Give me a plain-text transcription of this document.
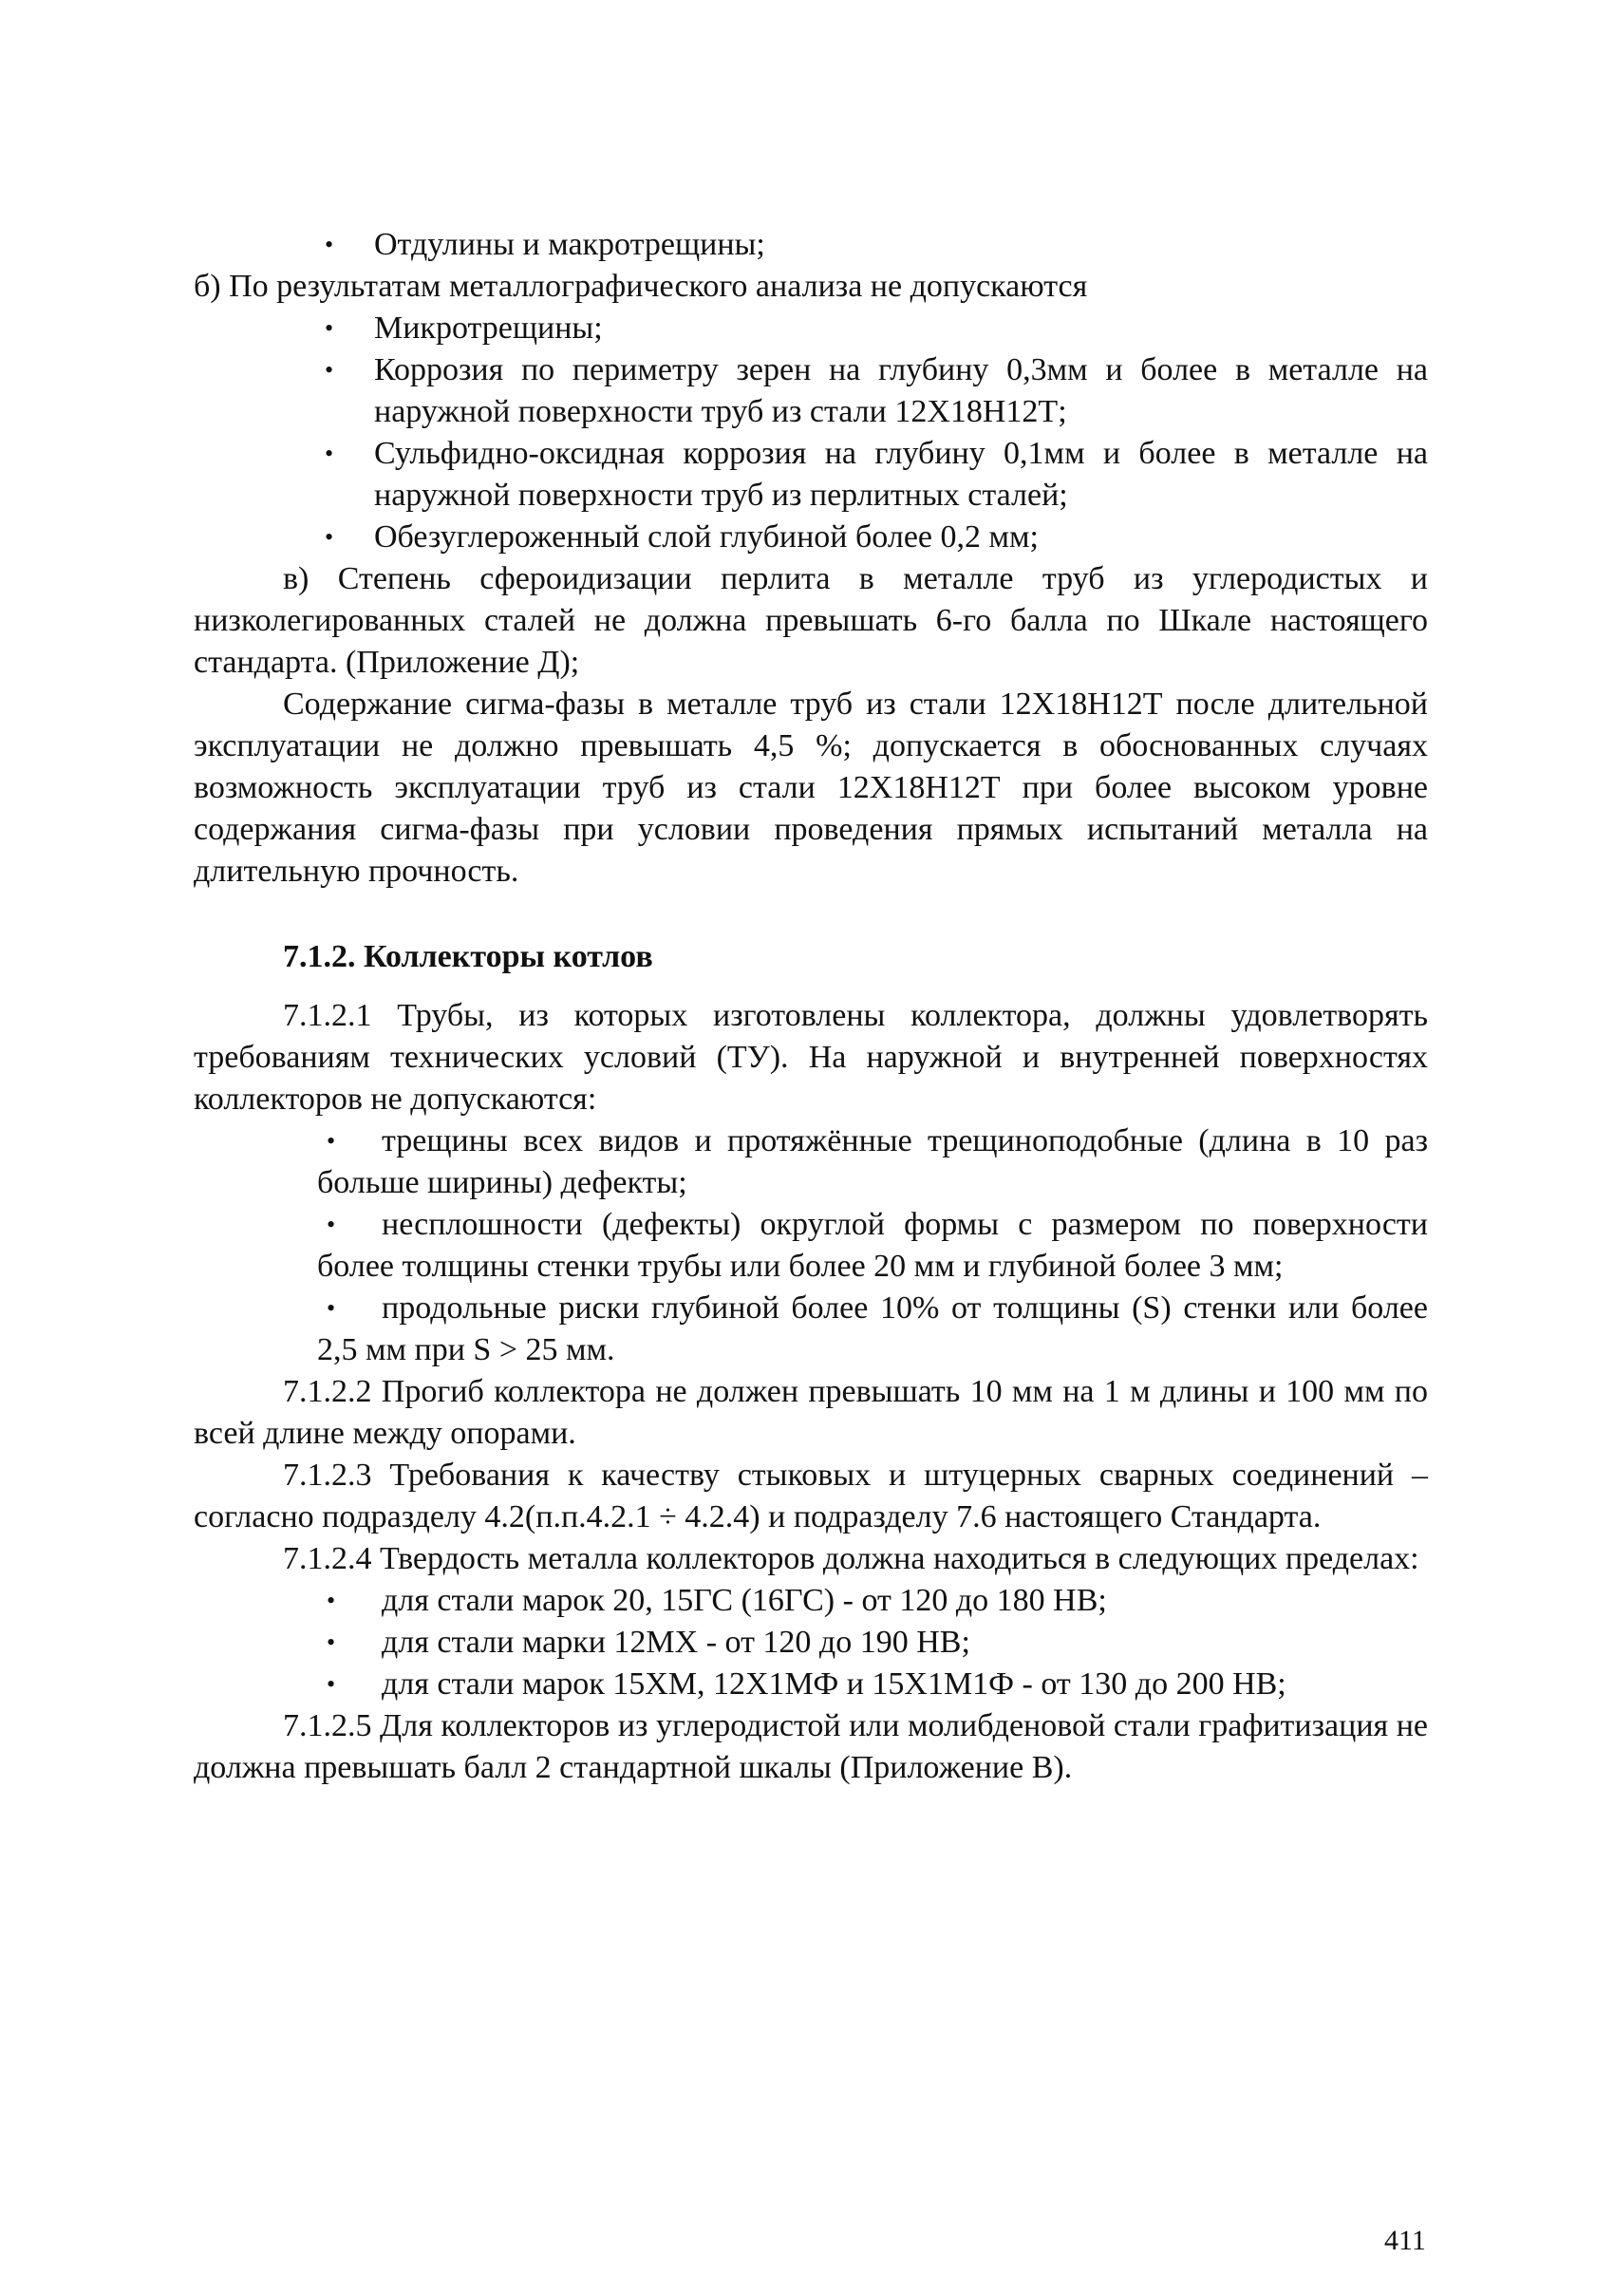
• Отдулины и макротрещины;

б) По результатам металлографического анализа не допускаются

• Микротрещины;
• Коррозия по периметру зерен на глубину 0,3мм и более в металле на наружной поверхности труб из стали 12Х18Н12Т;
• Сульфидно-оксидная коррозия на глубину 0,1мм и более в металле на наружной поверхности труб из перлитных сталей;
• Обезуглероженный слой глубиной более 0,2 мм;

в) Степень сфероидизации перлита в металле труб из углеродистых и низколегированных сталей не должна превышать 6-го балла по Шкале настоящего стандарта. (Приложение Д);

Содержание сигма-фазы в металле труб из стали 12Х18Н12Т после длительной эксплуатации не должно превышать 4,5 %; допускается в обоснованных случаях возможность эксплуатации труб из стали 12Х18Н12Т при более высоком уровне содержания сигма-фазы при условии проведения прямых испытаний металла на длительную прочность.

7.1.2. Коллекторы котлов

7.1.2.1 Трубы, из которых изготовлены коллектора, должны удовлетворять требованиям технических условий (ТУ). На наружной и внутренней поверхностях коллекторов не допускаются:

•	трещины всех видов и протяжённые трещиноподобные (длина в 10 раз больше ширины) дефекты;
•	несплошности (дефекты) округлой формы с размером по поверхности более толщины стенки трубы или более 20 мм и глубиной более 3 мм;
•	продольные риски глубиной более 10% от толщины (S) стенки или более 2,5 мм при S > 25 мм.

7.1.2.2 Прогиб коллектора не должен превышать 10 мм на 1 м длины и 100 мм по всей длине между опорами.

7.1.2.3 Требования к качеству стыковых и штуцерных сварных соединений – согласно подразделу 4.2(п.п.4.2.1 ÷ 4.2.4) и подразделу 7.6 настоящего Стандарта.

7.1.2.4 Твердость металла коллекторов должна находиться в следующих пределах:

•	для стали марок 20, 15ГС (16ГС) - от 120 до 180 НВ;
•	для стали марки 12МХ - от 120 до 190 НВ;
•	для стали марок 15ХМ, 12Х1МФ и 15Х1М1Ф - от 130 до 200 НВ;

7.1.2.5 Для коллекторов из углеродистой или молибденовой стали графитизация не должна превышать балл 2 стандартной шкалы (Приложение В).

411
